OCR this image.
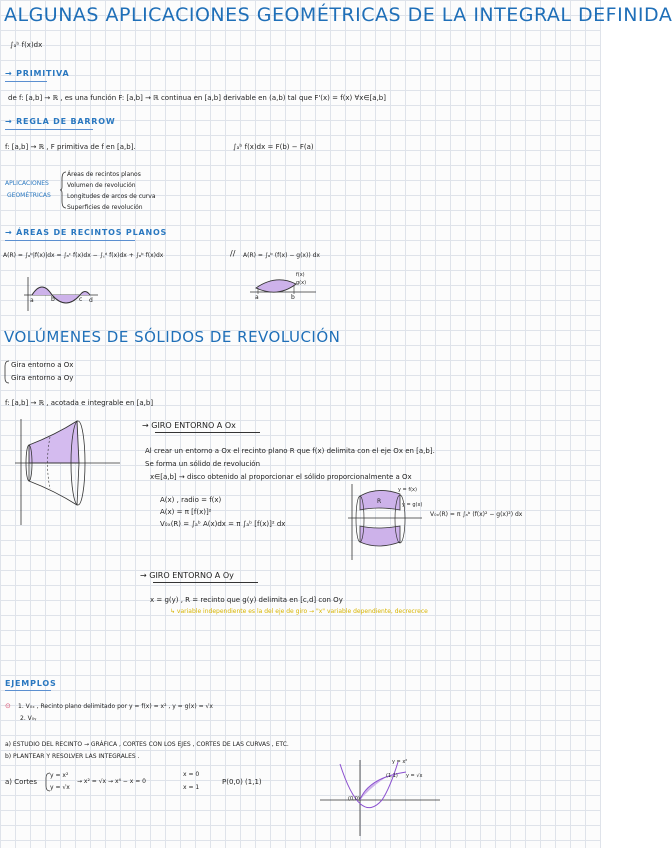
ALGUNAS APLICACIONES GEOMÉTRICAS DE LA INTEGRAL DEFINIDA
∫ₐᵇ f(x)dx
→ PRIMITIVA
de f: [a,b] → ℝ , es una función F: [a,b] → ℝ continua en [a,b] derivable en (a,b) tal que F'(x) = f(x) ∀x∈[a,b]
→ REGLA DE BARROW
f: [a,b] → ℝ , F primitiva de f en [a,b].	∫ₐᵇ f(x)dx = F(b) − F(a)
APLICACIONES
GEOMÉTRICAS
Áreas de recintos planos
Volumen de revolución
Longitudes de arcos de curva
Superficies de revolución
→ ÁREAS DE RECINTOS PLANOS
A(R) = ∫ₐᵇ|f(x)|dx = ∫ₐᶜ f(x)dx − ∫꜀ᵈ f(x)dx + ∫ₐᵇ f(x)dx	// A(R) = ∫ₐᵇ (f(x) − g(x)) dx
a	b	c d	a	b
f(x)
g(x)
VOLÚMENES DE SÓLIDOS DE REVOLUCIÓN
Gira entorno a Ox
Gira entorno a Oy
f: [a,b] → ℝ , acotada e integrable en [a,b]
→ GIRO ENTORNO A Ox
Al crear un entorno a Ox el recinto plano R que f(x) delimita con el eje Ox en [a,b].
Se forma un sólido de revolución
x∈[a,b] → disco obtenido al proporcionar el sólido proporcionalmente a Ox
A(x) , radio = f(x)
A(x) = π [f(x)]²
V₀ₓ(R) = ∫ₐᵇ A(x)dx = π ∫ₐᵇ [f(x)]² dx
y = f(x)
y = g(x)
R
V₀ₓ(R) = π ∫ₐᵇ (f(x)² − g(x)²) dx
→ GIRO ENTORNO A Oy
x = g(y) , R = recinto que g(y) delimita en [c,d] con Oy
↳ variable independiente es la del eje de giro → "x" variable dependiente, decrecrece
EJEMPLOS
⊙ 1. V₀ₓ , Recinto plano delimitado por y = f(x) = x² , y = g(x) = √x
2. V₀ᵧ
a) ESTUDIO DEL RECINTO → GRÁFICA , CORTES CON LOS EJES , CORTES DE LAS CURVAS , ETC.
b) PLANTEAR Y RESOLVER LAS INTEGRALES .
a) Cortes
y = x²
y = √x
→ x² = √x → x⁴ − x = 0
x = 0
x = 1
P(0,0) (1,1)
y = x²
(1,1) y = √x
(0,0)
